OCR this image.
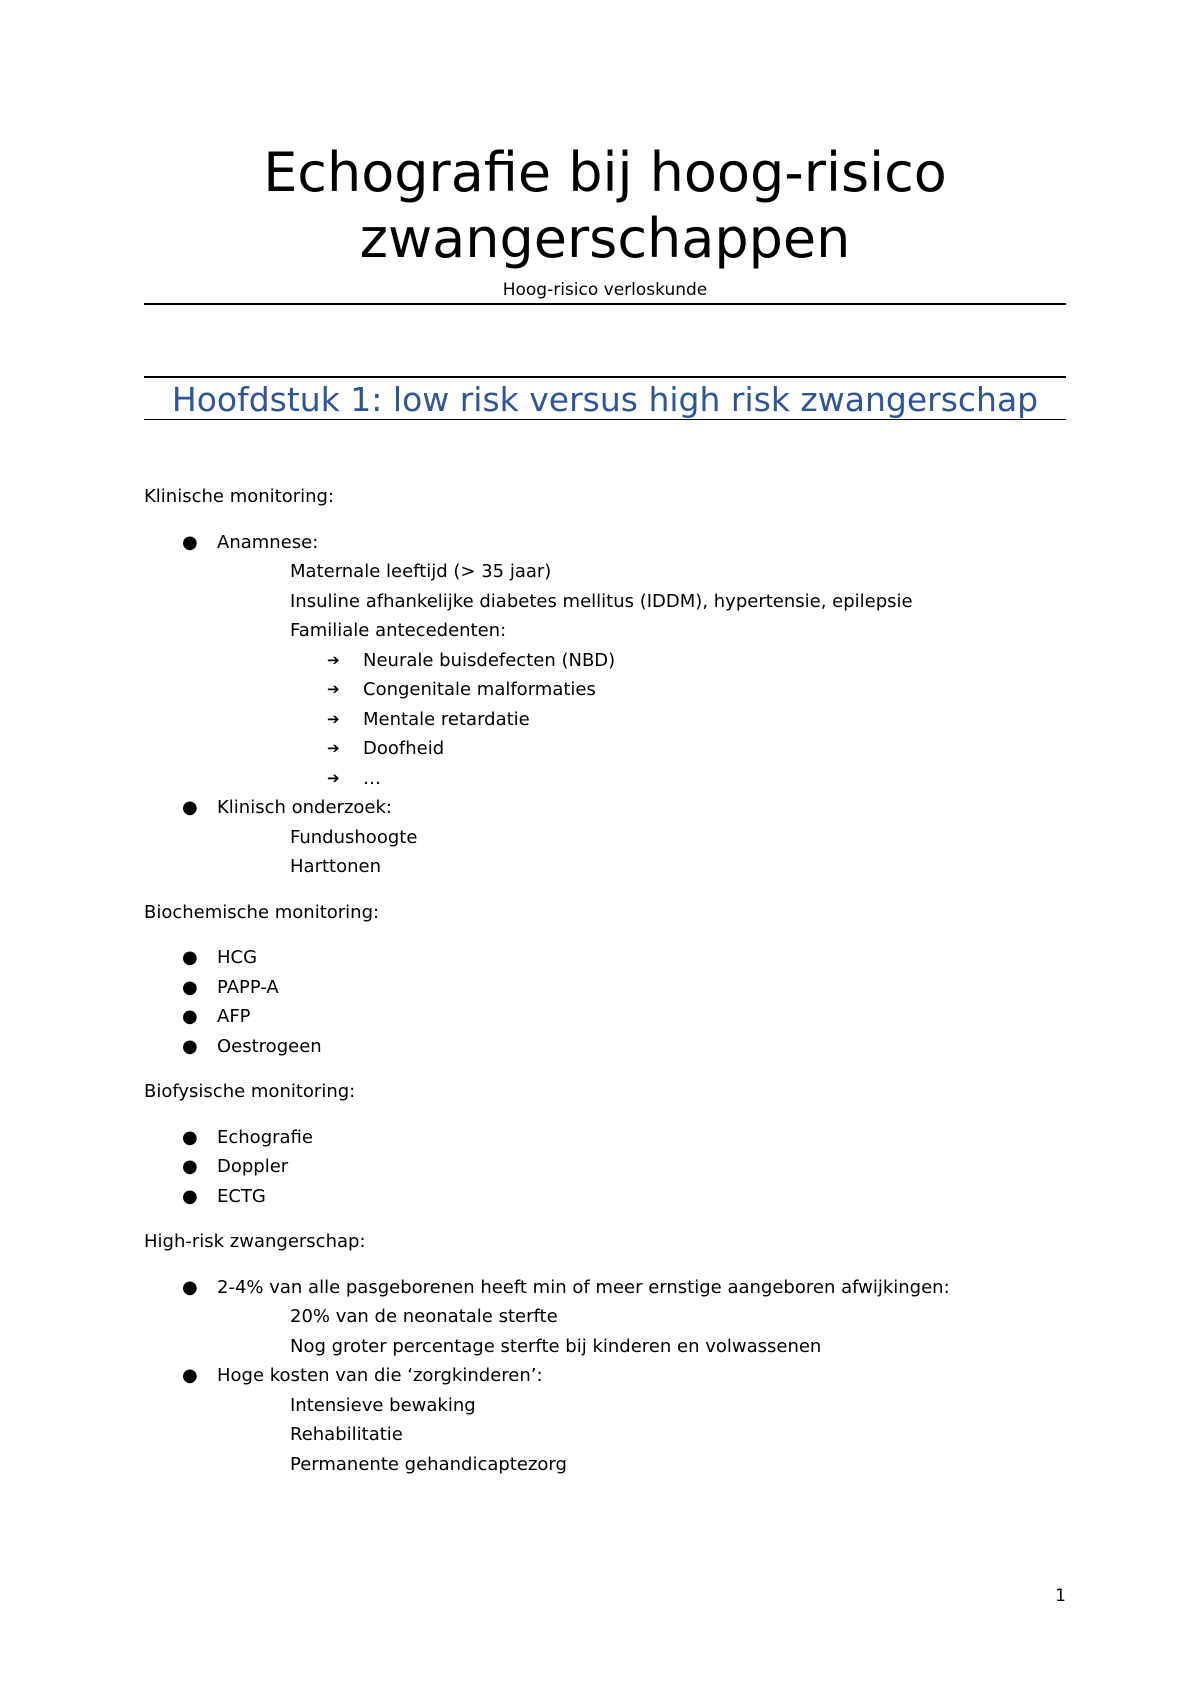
Echografie bij hoog-risico
zwangerschappen
Hoog-risico verloskunde
Hoofdstuk 1: low risk versus high risk zwangerschap

Klinische monitoring:

● Anamnese:
Maternale leeftijd (> 35 jaar)
Insuline afhankelijke diabetes mellitus (IDDM), hypertensie, epilepsie
Familiale antecedenten:
➔ Neurale buisdefecten (NBD)
➔ Congenitale malformaties
➔ Mentale retardatie
➔ Doofheid
➔ …
● Klinisch onderzoek:
Fundushoogte
Harttonen

Biochemische monitoring:

● HCG
● PAPP-A
● AFP
● Oestrogeen

Biofysische monitoring:

● Echografie
● Doppler
● ECTG

High-risk zwangerschap:

● 2-4% van alle pasgeborenen heeft min of meer ernstige aangeboren afwijkingen:
20% van de neonatale sterfte
Nog groter percentage sterfte bij kinderen en volwassenen
● Hoge kosten van die ‘zorgkinderen’:
Intensieve bewaking
Rehabilitatie
Permanente gehandicaptezorg
1
